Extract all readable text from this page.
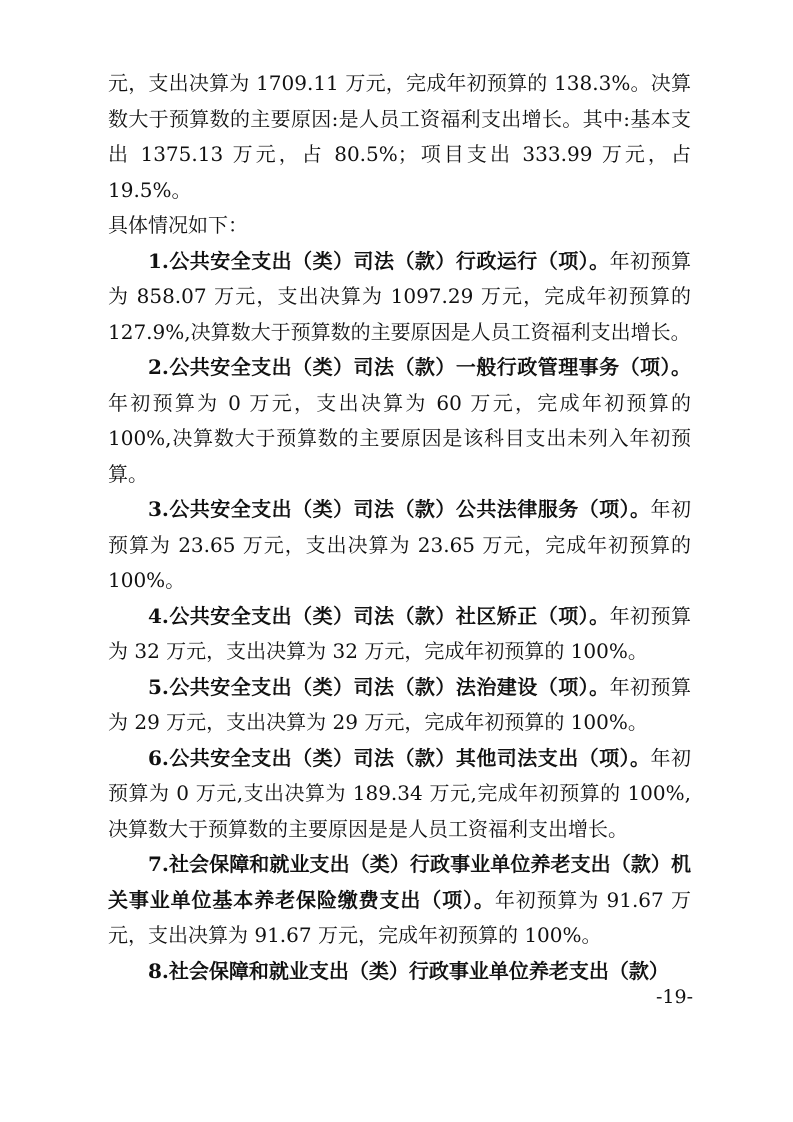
元，支出决算为 1709.11 万元，完成年初预算的 138.3%。决算数大于预算数的主要原因:是人员工资福利支出增长。其中:基本支出 1375.13 万元，占 80.5%；项目支出 333.99 万元，占 19.5%。

具体情况如下：

1.公共安全支出（类）司法（款）行政运行（项）。年初预算为 858.07 万元，支出决算为 1097.29 万元，完成年初预算的 127.9%,决算数大于预算数的主要原因是人员工资福利支出增长。

2.公共安全支出（类）司法（款）一般行政管理事务（项）。年初预算为 0 万元，支出决算为 60 万元，完成年初预算的 100%,决算数大于预算数的主要原因是该科目支出未列入年初预算。

3.公共安全支出（类）司法（款）公共法律服务（项）。年初预算为 23.65 万元，支出决算为 23.65 万元，完成年初预算的 100%。

4.公共安全支出（类）司法（款）社区矫正（项）。年初预算为 32 万元，支出决算为 32 万元，完成年初预算的 100%。

5.公共安全支出（类）司法（款）法治建设（项）。年初预算为 29 万元，支出决算为 29 万元，完成年初预算的 100%。

6.公共安全支出（类）司法（款）其他司法支出（项）。年初预算为 0 万元,支出决算为 189.34 万元,完成年初预算的 100%,决算数大于预算数的主要原因是是人员工资福利支出增长。

7.社会保障和就业支出（类）行政事业单位养老支出（款）机关事业单位基本养老保险缴费支出（项）。年初预算为 91.67 万元，支出决算为 91.67 万元，完成年初预算的 100%。

8.社会保障和就业支出（类）行政事业单位养老支出（款）

-19-
